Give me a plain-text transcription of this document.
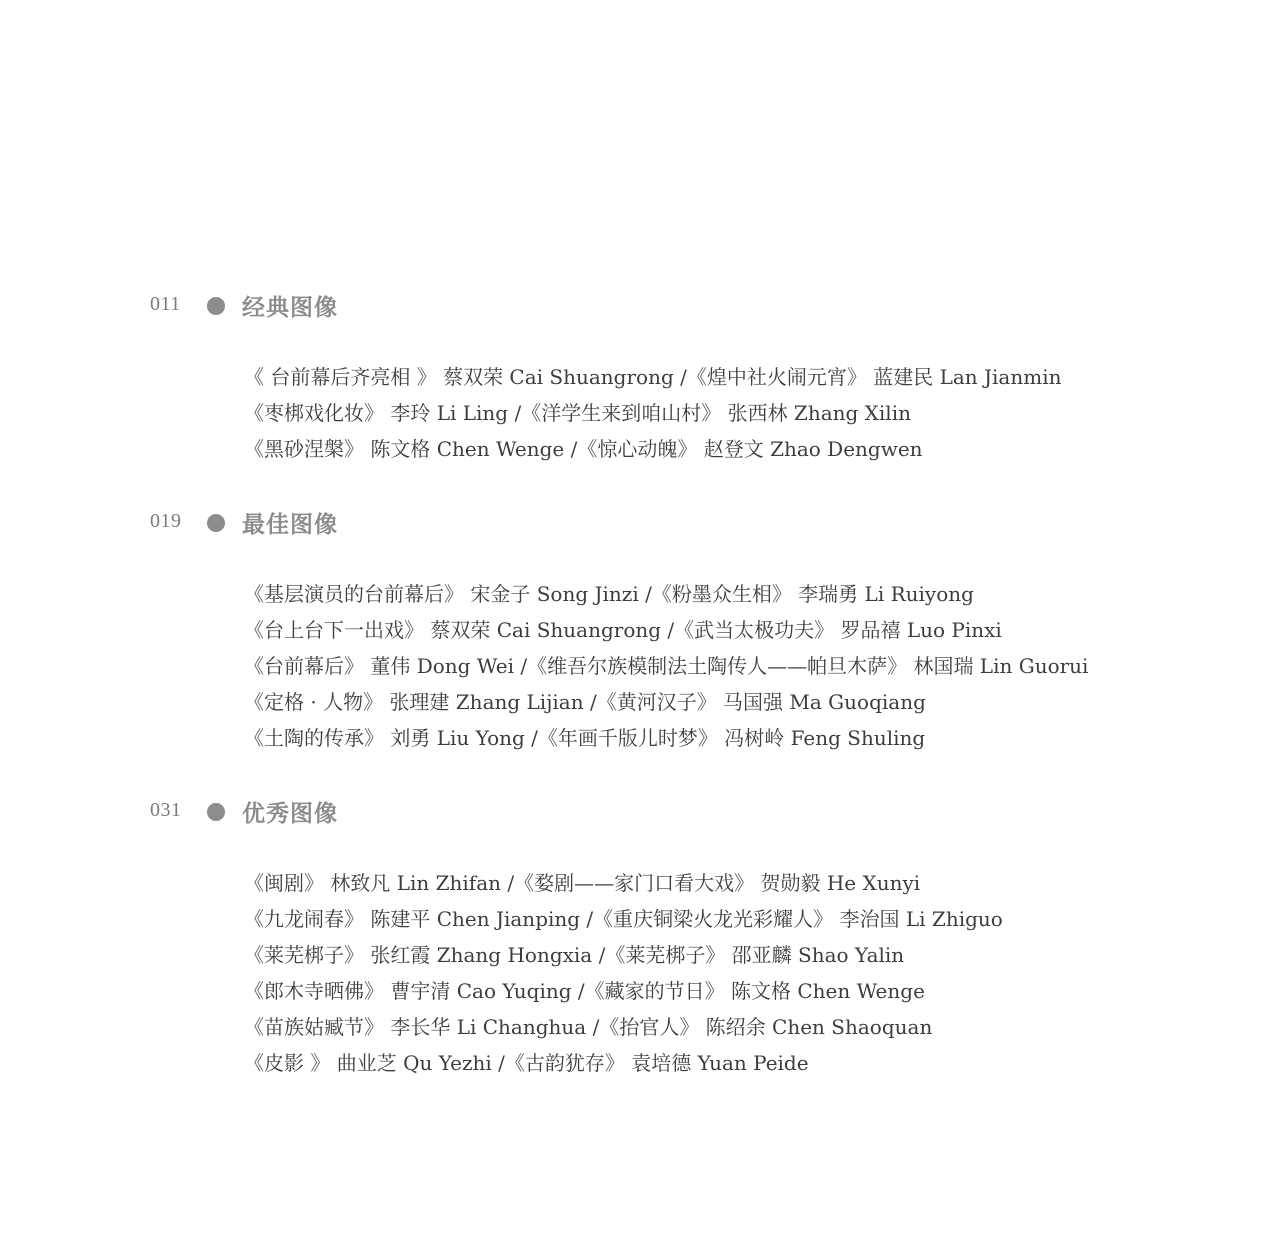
011	经典图像
《 台前幕后齐亮相 》 蔡双荣 Cai Shuangrong /《煌中社火闹元宵》 蓝建民 Lan Jianmin
《枣梆戏化妆》 李玲 Li Ling /《洋学生来到咱山村》 张西林 Zhang Xilin
《黑砂涅槃》 陈文格 Chen Wenge /《惊心动魄》 赵登文 Zhao Dengwen
019	最佳图像
《基层演员的台前幕后》 宋金子 Song Jinzi /《粉墨众生相》 李瑞勇 Li Ruiyong
《台上台下一出戏》 蔡双荣 Cai Shuangrong /《武当太极功夫》 罗品禧 Luo Pinxi
《台前幕后》 董伟 Dong Wei /《维吾尔族模制法土陶传人——帕旦木萨》 林国瑞 Lin Guorui
《定格 · 人物》 张理建 Zhang Lijian /《黄河汉子》 马国强 Ma Guoqiang
《土陶的传承》 刘勇 Liu Yong /《年画千版儿时梦》 冯树岭 Feng Shuling
031	优秀图像
《闽剧》 林致凡 Lin Zhifan /《婺剧——家门口看大戏》 贺勋毅 He Xunyi
《九龙闹春》 陈建平 Chen Jianping /《重庆铜梁火龙光彩耀人》 李治国 Li Zhiguo
《莱芜梆子》 张红霞 Zhang Hongxia /《莱芜梆子》 邵亚麟 Shao Yalin
《郎木寺晒佛》 曹宇清 Cao Yuqing /《藏家的节日》 陈文格 Chen Wenge
《苗族姑臧节》 李长华 Li Changhua /《抬官人》 陈绍余 Chen Shaoquan
《皮影 》 曲业芝 Qu Yezhi /《古韵犹存》 袁培德 Yuan Peide
